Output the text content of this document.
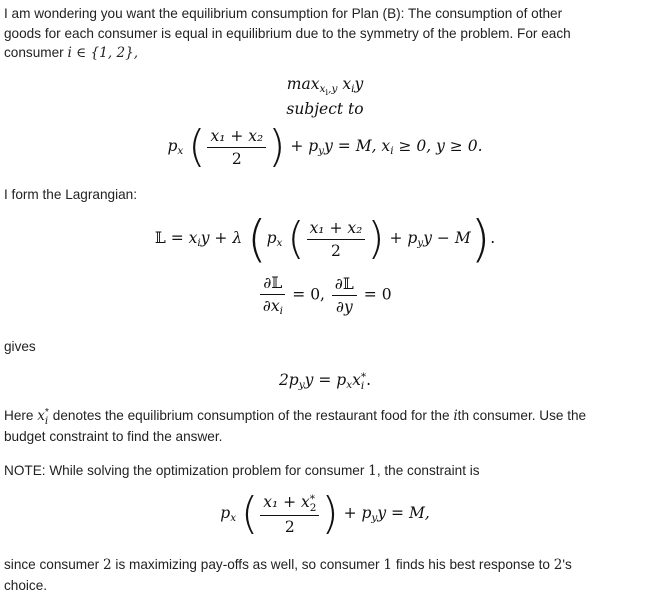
I am wondering you want the equilibrium consumption for Plan (B): The consumption of other
goods for each consumer is equal in equilibrium due to the symmetry of the problem. For each
consumer i ∈ {1, 2},
$\max_{x_i,y} x_iy$
subject to
$p_x$ ( $\frac{\text{x₁ + x₂}}{2}$ ) + $p_yy = M$, $x_i \ge 0$, y ≥ 0.
I form the Lagrangian:
𝕃 = $x_iy + \lambda$ ($p_x$ ( $\frac{\text{x₁ + x₂}}{2}$ ) + $p_yy - M$).
$\frac{\text{∂𝕃}}{\partial x_i} = 0$, $\frac{\text{∂𝕃}}{\partial y} = 0$
gives
$2p_yy = p_xx$ *
i .
Here x *
i denotes the equilibrium consumption of the restaurant food for the ith consumer. Use the
budget constraint to find the answer.
NOTE: While solving the optimization problem for consumer 1, the constraint is
$p_x$ ( x₁ + x *
2
2 ) + $p_yy = M$,
since consumer 2 is maximizing pay-offs as well, so consumer 1 finds his best response to 2's
choice.
